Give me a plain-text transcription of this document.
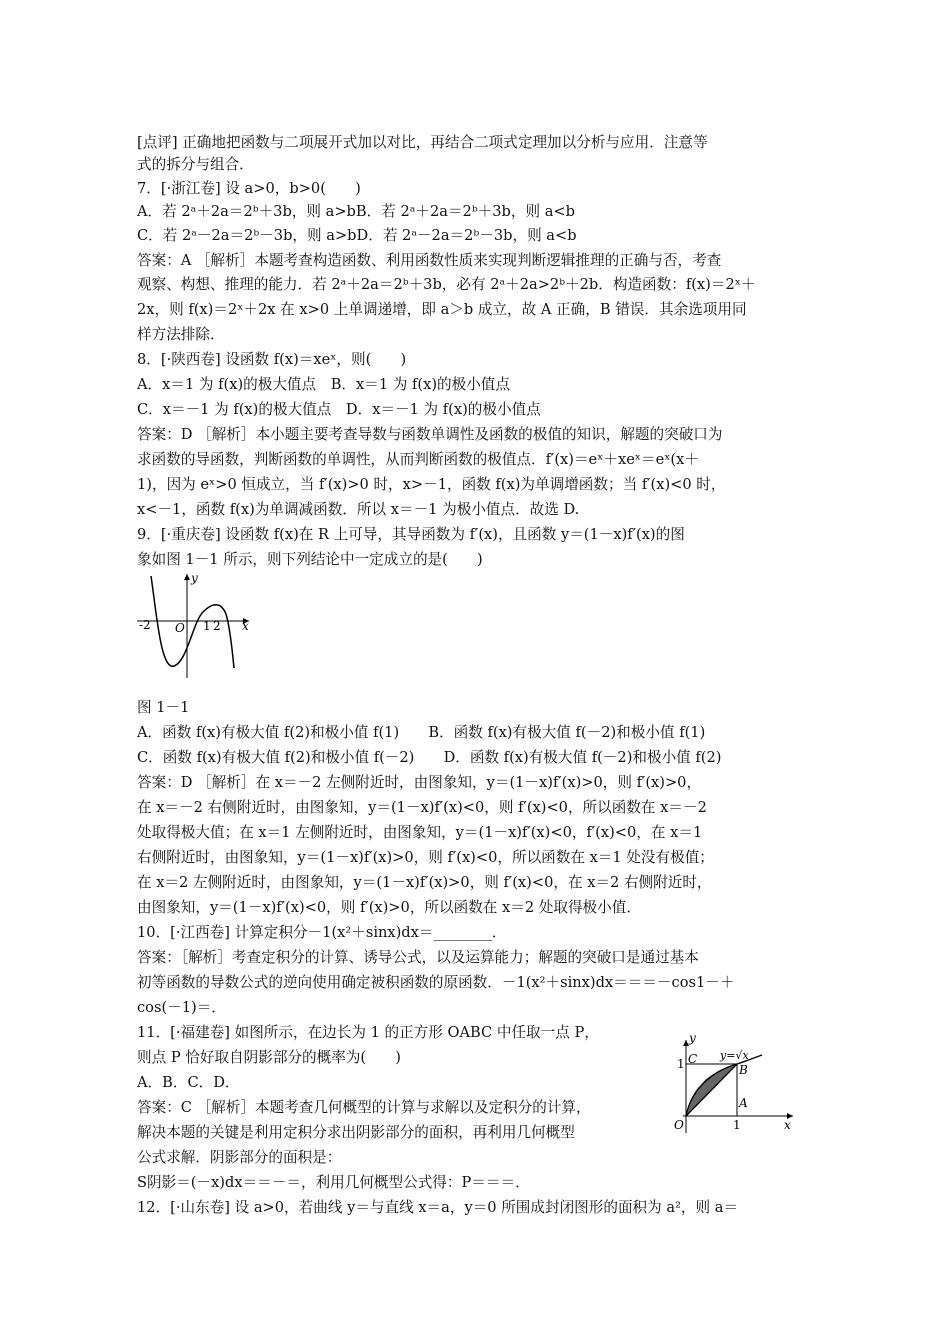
[点评] 正确地把函数与二项展开式加以对比，再结合二项式定理加以分析与应用．注意等
式的拆分与组合．
7．[·浙江卷] 设 a>0，b>0(　　)
A．若 2ᵃ＋2a＝2ᵇ＋3b，则 a>bB．若 2ᵃ＋2a＝2ᵇ＋3b，则 a<b
C．若 2ᵃ－2a＝2ᵇ－3b，则 a>bD．若 2ᵃ－2a＝2ᵇ－3b，则 a<b
答案：A ［解析］本题考查构造函数、利用函数性质来实现判断逻辑推理的正确与否，考查
观察、构想、推理的能力．若 2ᵃ＋2a＝2ᵇ＋3b，必有 2ᵃ＋2a>2ᵇ＋2b．构造函数：f(x)＝2ˣ＋
2x，则 f(x)＝2ˣ＋2x 在 x>0 上单调递增，即 a＞b 成立，故 A 正确，B 错误．其余选项用同
样方法排除．
8．[·陕西卷] 设函数 f(x)＝xeˣ，则(　　)
A．x＝1 为 f(x)的极大值点　B．x＝1 为 f(x)的极小值点
C．x＝－1 为 f(x)的极大值点　D．x＝－1 为 f(x)的极小值点
答案：D ［解析］本小题主要考查导数与函数单调性及函数的极值的知识，解题的突破口为
求函数的导函数，判断函数的单调性，从而判断函数的极值点．f′(x)＝eˣ＋xeˣ＝eˣ(x＋
1)，因为 eˣ>0 恒成立，当 f′(x)>0 时，x>－1，函数 f(x)为单调增函数；当 f′(x)<0 时，
x<－1，函数 f(x)为单调减函数．所以 x＝－1 为极小值点．故选 D.
9．[·重庆卷] 设函数 f(x)在 R 上可导，其导函数为 f′(x)，且函数 y＝(1－x)f′(x)的图
象如图 1－1 所示，则下列结论中一定成立的是(　　)
-2 O 1 2 x
y
图 1－1
A．函数 f(x)有极大值 f(2)和极小值 f(1)　　B．函数 f(x)有极大值 f(－2)和极小值 f(1)
C．函数 f(x)有极大值 f(2)和极小值 f(－2)　　D．函数 f(x)有极大值 f(－2)和极小值 f(2)
答案：D ［解析］在 x＝－2 左侧附近时，由图象知，y＝(1－x)f′(x)>0，则 f′(x)>0，
在 x＝－2 右侧附近时，由图象知，y＝(1－x)f′(x)<0，则 f′(x)<0，所以函数在 x＝－2
处取得极大值；在 x＝1 左侧附近时，由图象知，y＝(1－x)f′(x)<0，f′(x)<0，在 x＝1
右侧附近时，由图象知，y＝(1－x)f′(x)>0，则 f′(x)<0，所以函数在 x＝1 处没有极值；
在 x＝2 左侧附近时，由图象知，y＝(1－x)f′(x)>0，则 f′(x)<0，在 x＝2 右侧附近时，
由图象知，y＝(1－x)f′(x)<0，则 f′(x)>0，所以函数在 x＝2 处取得极小值．
10．[·江西卷] 计算定积分－1(x²＋sinx)dx＝________．
答案：［解析］考查定积分的计算、诱导公式，以及运算能力；解题的突破口是通过基本
初等函数的导数公式的逆向使用确定被积函数的原函数．－1(x²＋sinx)dx＝＝＝－cos1－＋
cos(－1)＝．
11．[·福建卷] 如图所示，在边长为 1 的正方形 OABC 中任取一点 P，
则点 P 恰好取自阴影部分的概率为(　　)
A．B．C．D．
答案：C ［解析］本题考查几何概型的计算与求解以及定积分的计算，
解决本题的关键是利用定积分求出阴影部分的面积，再利用几何概型
公式求解．阴影部分的面积是：
y
x
O
C
B
A
1
1
y=√x
S阴影＝(－x)dx＝＝－＝，利用几何概型公式得：P＝＝＝．
12．[·山东卷] 设 a>0，若曲线 y＝与直线 x＝a，y＝0 所围成封闭图形的面积为 a²，则 a＝
